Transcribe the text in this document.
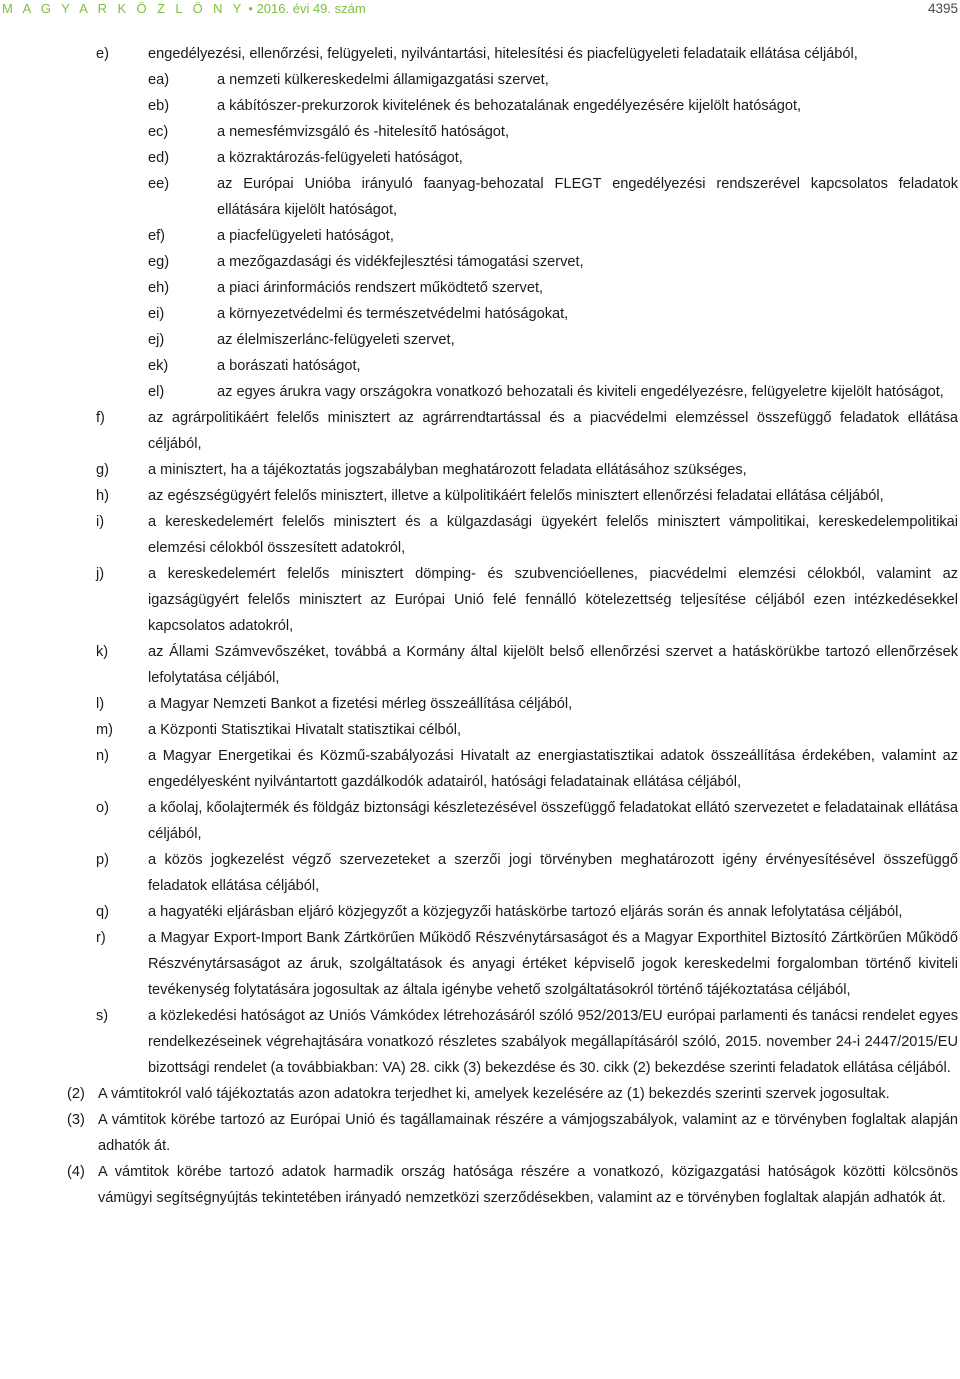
M A G Y A R K Ö Z L Ö N Y • 2016. évi 49. szám	4395
e)	engedélyezési, ellenőrzési, felügyeleti, nyilvántartási, hitelesítési és piacfelügyeleti feladataik ellátása céljából,
ea)	a nemzeti külkereskedelmi államigazgatási szervet,
eb)	a kábítószer-prekurzorok kivitelének és behozatalának engedélyezésére kijelölt hatóságot,
ec)	a nemesfémvizsgáló és -hitelesítő hatóságot,
ed)	a közraktározás-felügyeleti hatóságot,
ee)	az Európai Unióba irányuló faanyag-behozatal FLEGT engedélyezési rendszerével kapcsolatos feladatok ellátására kijelölt hatóságot,
ef)	a piacfelügyeleti hatóságot,
eg)	a mezőgazdasági és vidékfejlesztési támogatási szervet,
eh)	a piaci árinformációs rendszert működtető szervet,
ei)	a környezetvédelmi és természetvédelmi hatóságokat,
ej)	az élelmiszerlánc-felügyeleti szervet,
ek)	a borászati hatóságot,
el)	az egyes árukra vagy országokra vonatkozó behozatali és kiviteli engedélyezésre, felügyeletre kijelölt hatóságot,
f)	az agrárpolitikáért felelős minisztert az agrárrendtartással és a piacvédelmi elemzéssel összefüggő feladatok ellátása céljából,
g)	a minisztert, ha a tájékoztatás jogszabályban meghatározott feladata ellátásához szükséges,
h)	az egészségügyért felelős minisztert, illetve a külpolitikáért felelős minisztert ellenőrzési feladatai ellátása céljából,
i)	a kereskedelemért felelős minisztert és a külgazdasági ügyekért felelős minisztert vámpolitikai, kereskedelempolitikai elemzési célokból összesített adatokról,
j)	a kereskedelemért felelős minisztert dömping- és szubvencióellenes, piacvédelmi elemzési célokból, valamint az igazságügyért felelős minisztert az Európai Unió felé fennálló kötelezettség teljesítése céljából ezen intézkedésekkel kapcsolatos adatokról,
k)	az Állami Számvevőszéket, továbbá a Kormány által kijelölt belső ellenőrzési szervet a hatáskörükbe tartozó ellenőrzések lefolytatása céljából,
l)	a Magyar Nemzeti Bankot a fizetési mérleg összeállítása céljából,
m)	a Központi Statisztikai Hivatalt statisztikai célból,
n)	a Magyar Energetikai és Közmű-szabályozási Hivatalt az energiastatisztikai adatok összeállítása érdekében, valamint az engedélyesként nyilvántartott gazdálkodók adatairól, hatósági feladatainak ellátása céljából,
o)	a kőolaj, kőolajtermék és földgáz biztonsági készletezésével összefüggő feladatokat ellátó szervezetet e feladatainak ellátása céljából,
p)	a közös jogkezelést végző szervezeteket a szerzői jogi törvényben meghatározott igény érvényesítésével összefüggő feladatok ellátása céljából,
q)	a hagyatéki eljárásban eljáró közjegyzőt a közjegyzői hatáskörbe tartozó eljárás során és annak lefolytatása céljából,
r)	a Magyar Export-Import Bank Zártkörűen Működő Részvénytársaságot és a Magyar Exporthitel Biztosító Zártkörűen Működő Részvénytársaságot az áruk, szolgáltatások és anyagi értéket képviselő jogok kereskedelmi forgalomban történő kiviteli tevékenység folytatására jogosultak az általa igénybe vehető szolgáltatásokról történő tájékoztatása céljából,
s)	a közlekedési hatóságot az Uniós Vámkódex létrehozásáról szóló 952/2013/EU európai parlamenti és tanácsi rendelet egyes rendelkezéseinek végrehajtására vonatkozó részletes szabályok megállapításáról szóló, 2015. november 24-i 2447/2015/EU bizottsági rendelet (a továbbiakban: VA) 28. cikk (3) bekezdése és 30. cikk (2) bekezdése szerinti feladatok ellátása céljából.
(2) A vámtitokról való tájékoztatás azon adatokra terjedhet ki, amelyek kezelésére az (1) bekezdés szerinti szervek jogosultak.
(3) A vámtitok körébe tartozó az Európai Unió és tagállamainak részére a vámjogszabályok, valamint az e törvényben foglaltak alapján adhatók át.
(4) A vámtitok körébe tartozó adatok harmadik ország hatósága részére a vonatkozó, közigazgatási hatóságok közötti kölcsönös vámügyi segítségnyújtás tekintetében irányadó nemzetközi szerződésekben, valamint az e törvényben foglaltak alapján adhatók át.
